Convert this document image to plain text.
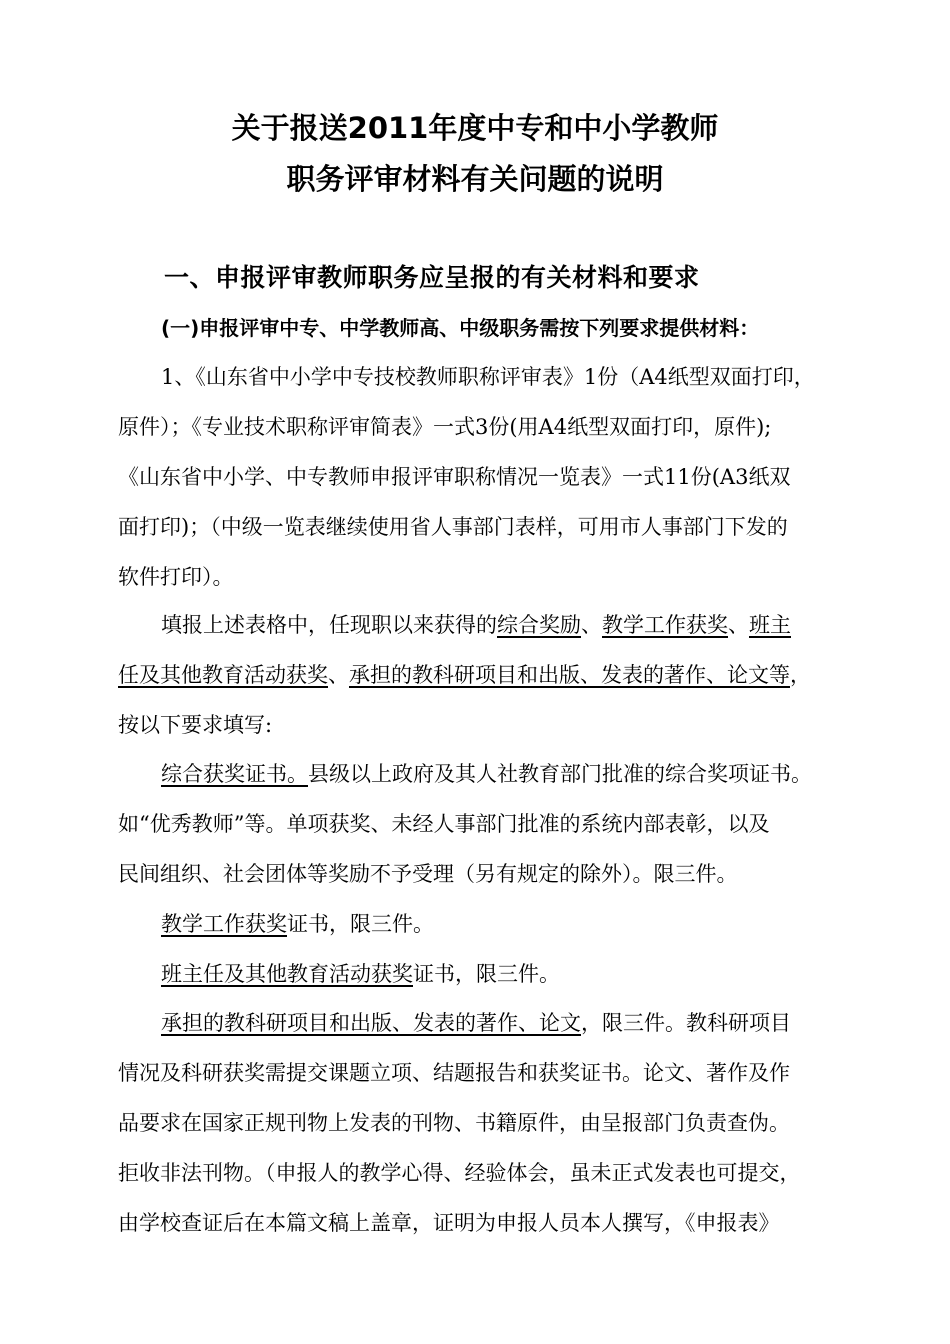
关于报送2011年度中专和中小学教师
职务评审材料有关问题的说明
一、申报评审教师职务应呈报的有关材料和要求
(一)申报评审中专、中学教师高、中级职务需按下列要求提供材料：
1、《山东省中小学中专技校教师职称评审表》1份（A4纸型双面打印，
原件）；《专业技术职称评审简表》一式3份(用A4纸型双面打印，原件);
《山东省中小学、中专教师申报评审职称情况一览表》一式11份(A3纸双
面打印)；（中级一览表继续使用省人事部门表样，可用市人事部门下发的
软件打印）。
填报上述表格中，任现职以来获得的综合奖励、教学工作获奖、班主
任及其他教育活动获奖、承担的教科研项目和出版、发表的著作、论文等，
按以下要求填写:
综合获奖证书。县级以上政府及其人社教育部门批准的综合奖项证书。
如“优秀教师”等。单项获奖、未经人事部门批准的系统内部表彰，以及
民间组织、社会团体等奖励不予受理（另有规定的除外）。限三件。
教学工作获奖证书，限三件。
班主任及其他教育活动获奖证书，限三件。
承担的教科研项目和出版、发表的著作、论文，限三件。教科研项目
情况及科研获奖需提交课题立项、结题报告和获奖证书。论文、著作及作
品要求在国家正规刊物上发表的刊物、书籍原件，由呈报部门负责查伪。
拒收非法刊物。（申报人的教学心得、经验体会，虽未正式发表也可提交，
由学校查证后在本篇文稿上盖章，证明为申报人员本人撰写，《申报表》
